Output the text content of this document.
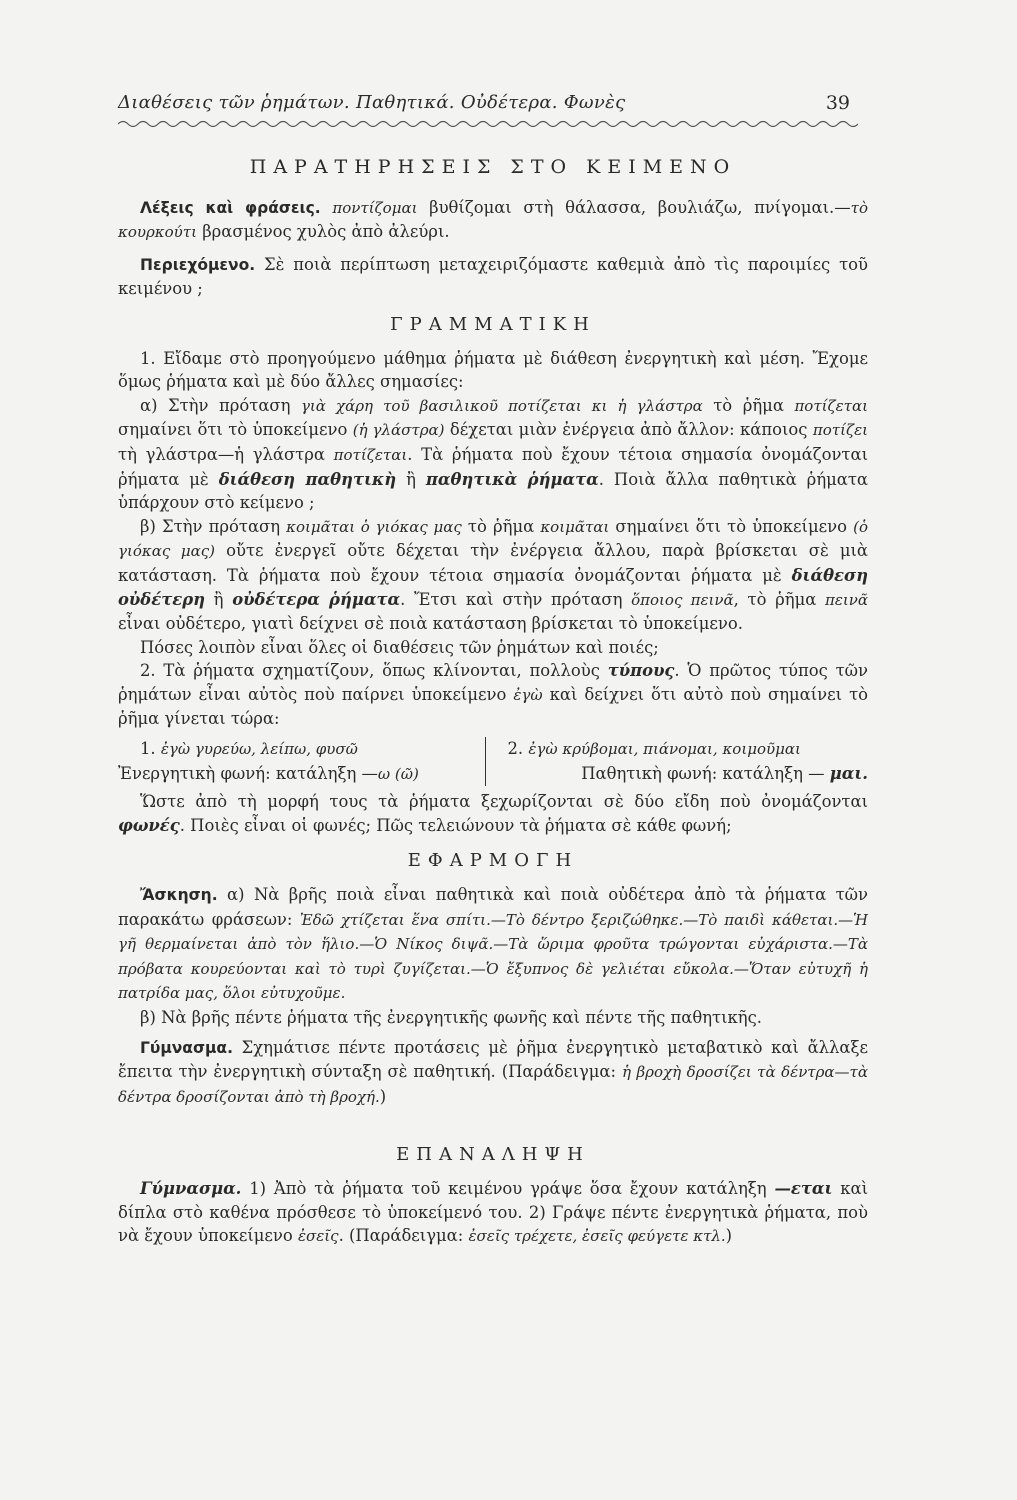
Διαθέσεις τῶν ῥημάτων. Παθητικά. Οὐδέτερα. Φωνὲς	39
ΠΑΡΑΤΗΡΗΣΕΙΣ ΣΤΟ ΚΕΙΜΕΝΟ

Λέξεις καὶ φράσεις. ποντίζομαι βυθίζομαι στὴ θάλασσα, βουλιάζω, πνίγομαι.—τὸ κουρκούτι βρασμένος χυλὸς ἀπὸ ἀλεύρι.

Περιεχόμενο. Σὲ ποιὰ περίπτωση μεταχειριζόμαστε καθεμιὰ ἀπὸ τὶς παροιμίες τοῦ κειμένου ;

ΓΡΑΜΜΑΤΙΚΗ

1. Εἴδαμε στὸ προηγούμενο μάθημα ῥήματα μὲ διάθεση ἐνεργητικὴ καὶ μέση. Ἔχομε ὅμως ῥήματα καὶ μὲ δύο ἄλλες σημασίες:

α) Στὴν πρόταση γιὰ χάρη τοῦ βασιλικοῦ ποτίζεται κι ἡ γλάστρα τὸ ῥῆμα ποτίζεται σημαίνει ὅτι τὸ ὑποκείμενο (ἡ γλάστρα) δέχεται μιὰν ἐνέργεια ἀπὸ ἄλλον: κάποιος ποτίζει τὴ γλάστρα—ἡ γλάστρα ποτίζεται. Τὰ ῥήματα ποὺ ἔχουν τέτοια σημασία ὀνομάζονται ῥήματα μὲ διάθεση παθητικὴ ἢ παθητικὰ ῥήματα. Ποιὰ ἄλλα παθητικὰ ῥήματα ὑπάρχουν στὸ κείμενο ;

β) Στὴν πρόταση κοιμᾶται ὁ γιόκας μας τὸ ῥῆμα κοιμᾶται σημαίνει ὅτι τὸ ὑποκείμενο (ὁ γιόκας μας) οὔτε ἐνεργεῖ οὔτε δέχεται τὴν ἐνέργεια ἄλλου, παρὰ βρίσκεται σὲ μιὰ κατάσταση. Τὰ ῥήματα ποὺ ἔχουν τέτοια σημασία ὀνομάζονται ῥήματα μὲ διάθεση οὐδέτερη ἢ οὐδέτερα ῥήματα. Ἔτσι καὶ στὴν πρόταση ὅποιος πεινᾶ, τὸ ῥῆμα πεινᾶ εἶναι οὐδέτερο, γιατὶ δείχνει σὲ ποιὰ κατάσταση βρίσκεται τὸ ὑποκείμενο.

Πόσες λοιπὸν εἶναι ὅλες οἱ διαθέσεις τῶν ῥημάτων καὶ ποιές;

2. Τὰ ῥήματα σχηματίζουν, ὅπως κλίνονται, πολλοὺς τύπους. Ὁ πρῶτος τύπος τῶν ῥημάτων εἶναι αὐτὸς ποὺ παίρνει ὑποκείμενο ἐγὼ καὶ δείχνει ὅτι αὐτὸ ποὺ σημαίνει τὸ ῥῆμα γίνεται τώρα:

1. ἐγὼ γυρεύω, λείπω, φυσῶ
Ἐνεργητικὴ φωνή: κατάληξη —ω (ῶ)
2. ἐγὼ κρύβομαι, πιάνομαι, κοιμοῦμαι
Παθητικὴ φωνή: κατάληξη — μαι.

Ὥστε ἀπὸ τὴ μορφή τους τὰ ῥήματα ξεχωρίζονται σὲ δύο εἴδη ποὺ ὀνομάζονται φωνές. Ποιὲς εἶναι οἱ φωνές; Πῶς τελειώνουν τὰ ῥήματα σὲ κάθε φωνή;

ΕΦΑΡΜΟΓΗ

Ἄσκηση. α) Νὰ βρῆς ποιὰ εἶναι παθητικὰ καὶ ποιὰ οὐδέτερα ἀπὸ τὰ ῥήματα τῶν παρακάτω φράσεων: Ἐδῶ χτίζεται ἕνα σπίτι.—Τὸ δέντρο ξεριζώθηκε.—Τὸ παιδὶ κάθεται.—Ἡ γῆ θερμαίνεται ἀπὸ τὸν ἥλιο.—Ὁ Νίκος διψᾶ.—Τὰ ὥριμα φροῦτα τρώγονται εὐχάριστα.—Τὰ πρόβατα κουρεύονται καὶ τὸ τυρὶ ζυγίζεται.—Ὁ ἔξυπνος δὲ γελιέται εὔκολα.—Ὅταν εὐτυχῆ ἡ πατρίδα μας, ὅλοι εὐτυχοῦμε.

β) Νὰ βρῆς πέντε ῥήματα τῆς ἐνεργητικῆς φωνῆς καὶ πέντε τῆς παθητικῆς.

Γύμνασμα. Σχημάτισε πέντε προτάσεις μὲ ῥῆμα ἐνεργητικὸ μεταβατικὸ καὶ ἄλλαξε ἔπειτα τὴν ἐνεργητικὴ σύνταξη σὲ παθητική. (Παράδειγμα: ἡ βροχὴ δροσίζει τὰ δέντρα—τὰ δέντρα δροσίζονται ἀπὸ τὴ βροχή.)

ΕΠΑΝΑΛΗΨΗ

Γύμνασμα. 1) Ἀπὸ τὰ ῥήματα τοῦ κειμένου γράψε ὅσα ἔχουν κατάληξη —εται καὶ δίπλα στὸ καθένα πρόσθεσε τὸ ὑποκείμενό του. 2) Γράψε πέντε ἐνεργητικὰ ῥήματα, ποὺ νὰ ἔχουν ὑποκείμενο ἐσεῖς. (Παράδειγμα: ἐσεῖς τρέχετε, ἐσεῖς φεύγετε κτλ.)
